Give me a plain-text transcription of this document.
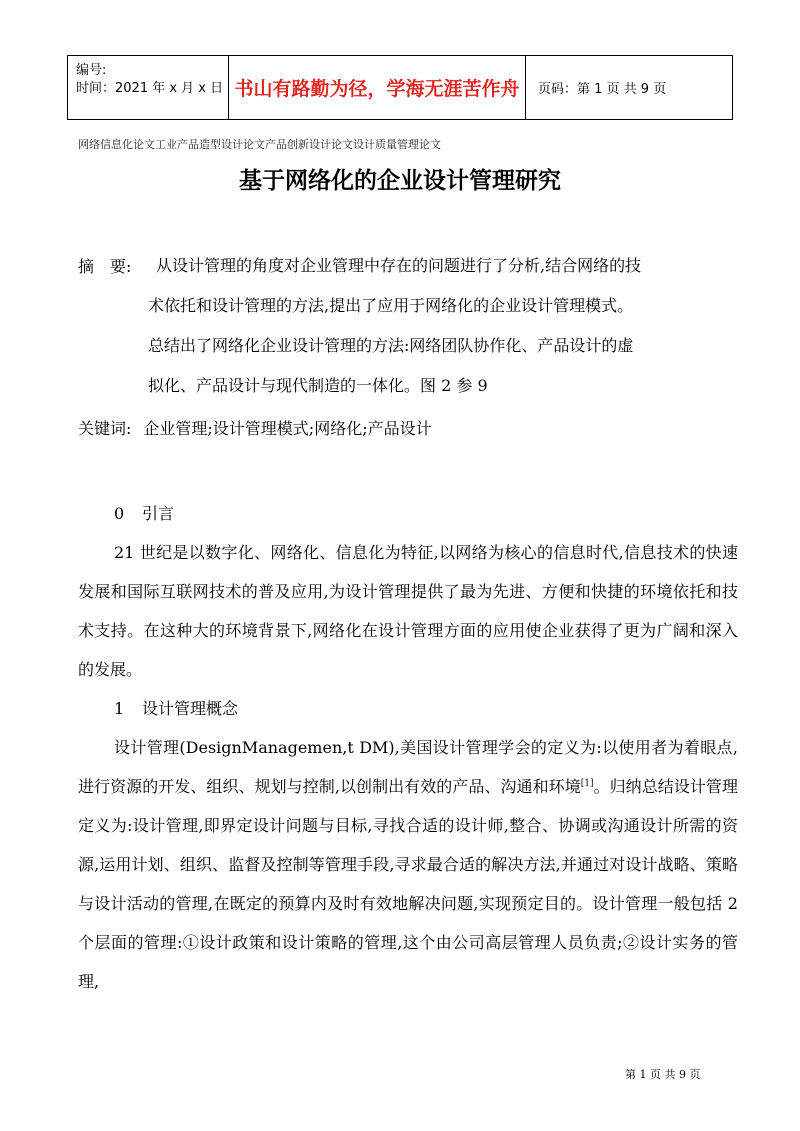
编号:
时间：2021 年 x 月 x 日 书山有路勤为径，学海无涯苦作舟	页码：第 1 页 共 9 页
网络信息化论文工业产品造型设计论文产品创新设计论文设计质量管理论文
基于网络化的企业设计管理研究
摘　要: 从设计管理的角度对企业管理中存在的问题进行了分析,结合网络的技
术依托和设计管理的方法,提出了应用于网络化的企业设计管理模式。
总结出了网络化企业设计管理的方法:网络团队协作化、产品设计的虚
拟化、产品设计与现代制造的一体化。图 2 参 9
关键词: 企业管理;设计管理模式;网络化;产品设计

0 引言

21 世纪是以数字化、网络化、信息化为特征,以网络为核心的信息时代,信息技术的快速发展和国际互联网技术的普及应用,为设计管理提供了最为先进、方便和快捷的环境依托和技术支持。在这种大的环境背景下,网络化在设计管理方面的应用使企业获得了更为广阔和深入的发展。

1 设计管理概念

设计管理(DesignManagemen,t DM),美国设计管理学会的定义为:以使用者为着眼点,进行资源的开发、组织、规划与控制,以创制出有效的产品、沟通和环境[1]。归纳总结设计管理定义为:设计管理,即界定设计问题与目标,寻找合适的设计师,整合、协调或沟通设计所需的资源,运用计划、组织、监督及控制等管理手段,寻求最合适的解决方法,并通过对设计战略、策略与设计活动的管理,在既定的预算内及时有效地解决问题,实现预定目的。设计管理一般包括 2 个层面的管理:①设计政策和设计策略的管理,这个由公司高层管理人员负责;②设计实务的管理,

第 1 页 共 9 页
